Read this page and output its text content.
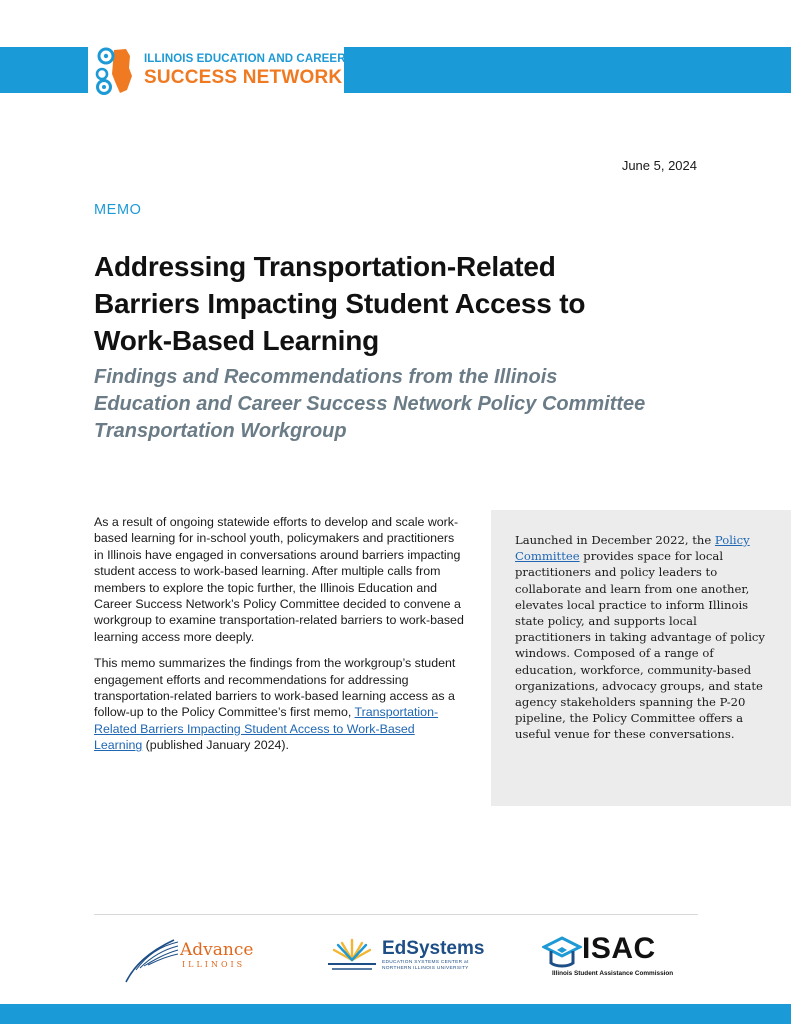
ILLINOIS EDUCATION AND CAREER
SUCCESS NETWORK
June 5, 2024
MEMO
Addressing Transportation-Related Barriers Impacting Student Access to Work-Based Learning
Findings and Recommendations from the Illinois Education and Career Success Network Policy Committee Transportation Workgroup

As a result of ongoing statewide efforts to develop and scale work-based learning for in-school youth, policymakers and practitioners in Illinois have engaged in conversations around barriers impacting student access to work-based learning. After multiple calls from members to explore the topic further, the Illinois Education and Career Success Network’s Policy Committee decided to convene a workgroup to examine transportation-related barriers to work-based learning access more deeply.

This memo summarizes the findings from the workgroup’s student engagement efforts and recommendations for addressing transportation-related barriers to work-based learning access as a follow-up to the Policy Committee’s first memo, Transportation-Related Barriers Impacting Student Access to Work-Based Learning (published January 2024).

Launched in December 2022, the Policy Committee provides space for local practitioners and policy leaders to collaborate and learn from one another, elevates local practice to inform Illinois state policy, and supports local practitioners in taking advantage of policy windows. Composed of a range of education, workforce, community-based organizations, advocacy groups, and state agency stakeholders spanning the P-20 pipeline, the Policy Committee offers a useful venue for these conversations.
Advance
ILLINOIS
EdSystems
EDUCATION SYSTEMS CENTER at
NORTHERN ILLINOIS UNIVERSITY
ISAC
Illinois Student Assistance Commission
